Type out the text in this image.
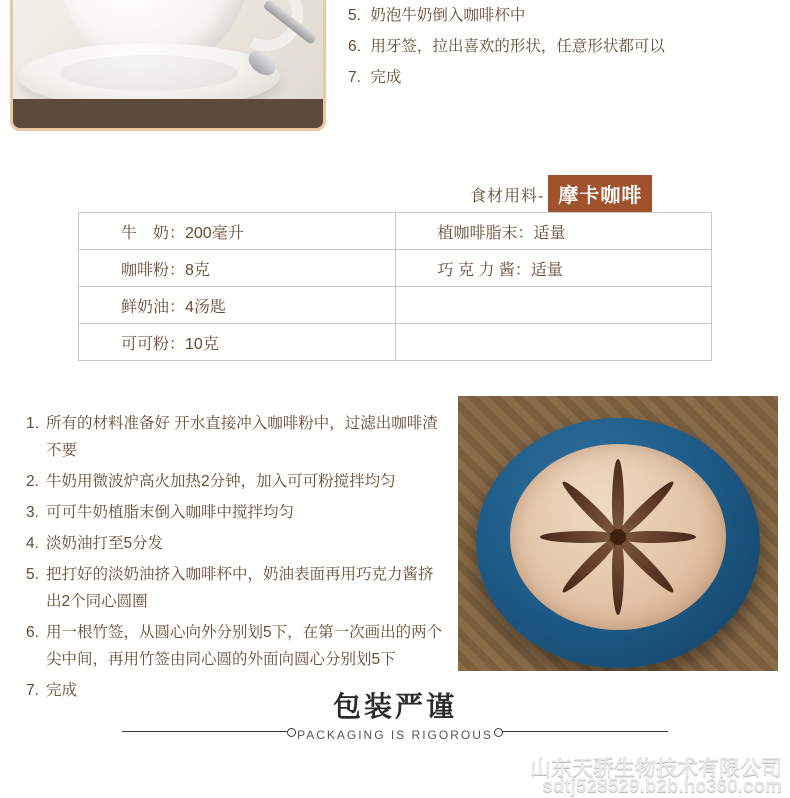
5. 奶泡牛奶倒入咖啡杯中
6. 用牙签，拉出喜欢的形状，任意形状都可以
7. 完成
食材用料- 摩卡咖啡
牛　奶：200毫升	植咖啡脂末：适量
咖啡粉：8克	巧 克 力 酱：适量
鲜奶油：4汤匙	
可可粉：10克	
1. 所有的材料准备好 开水直接冲入咖啡粉中，过滤出咖啡渣不要
2. 牛奶用微波炉高火加热2分钟，加入可可粉搅拌均匀
3. 可可牛奶植脂末倒入咖啡中搅拌均匀
4. 淡奶油打至5分发
5. 把打好的淡奶油挤入咖啡杯中，奶油表面再用巧克力酱挤出2个同心圆圈
6. 用一根竹签，从圆心向外分别划5下，在第一次画出的两个尖中间，再用竹签由同心圆的外面向圆心分别划5下
7. 完成
包装严谨
PACKAGING IS RIGOROUS
山东天骄生物技术有限公司
sdtj528529.b2b.hc360.com
